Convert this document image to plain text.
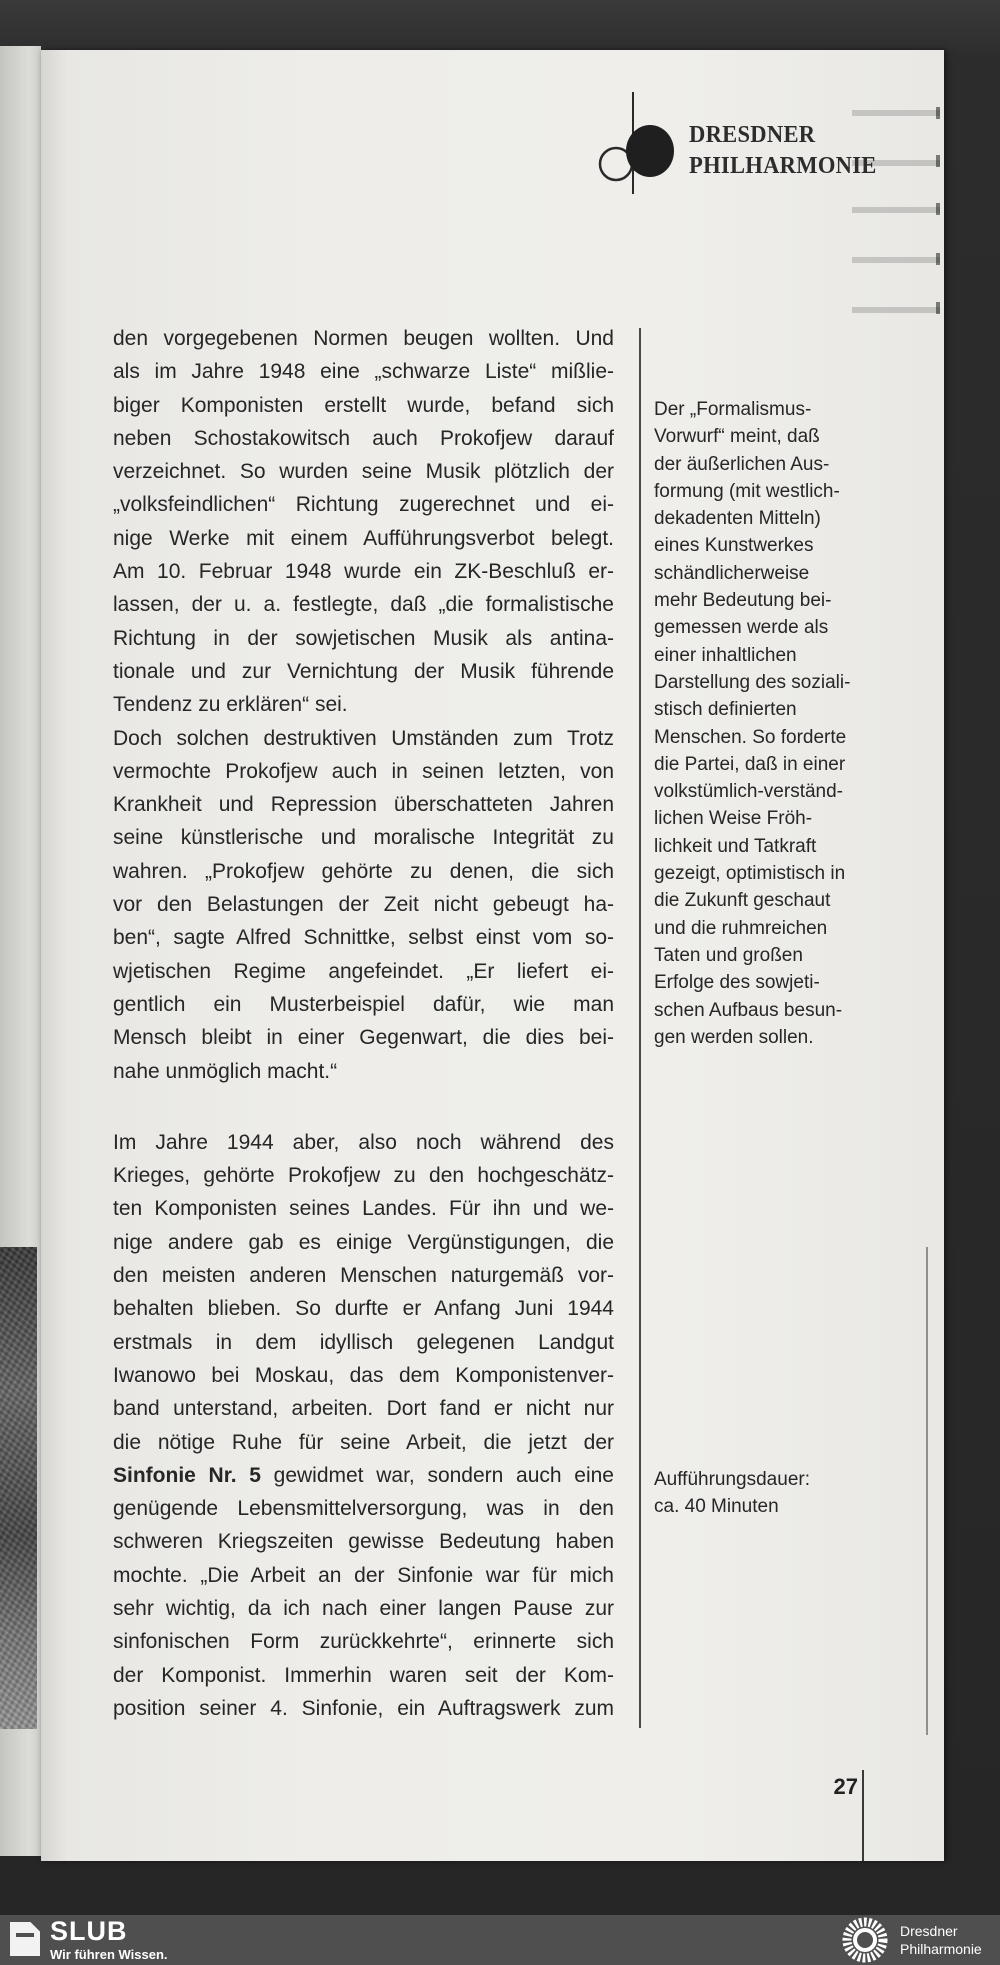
DRESDNER
PHILHARMONIE
den vorgegebenen Normen beugen wollten. Und
als im Jahre 1948 eine „schwarze Liste“ mißlie-
biger Komponisten erstellt wurde, befand sich
neben Schostakowitsch auch Prokofjew darauf
verzeichnet. So wurden seine Musik plötzlich der
„volksfeindlichen“ Richtung zugerechnet und ei-
nige Werke mit einem Aufführungsverbot belegt.
Am 10. Februar 1948 wurde ein ZK-Beschluß er-
lassen, der u. a. festlegte, daß „die formalistische
Richtung in der sowjetischen Musik als antina-
tionale und zur Vernichtung der Musik führende
Tendenz zu erklären“ sei.
Doch solchen destruktiven Umständen zum Trotz
vermochte Prokofjew auch in seinen letzten, von
Krankheit und Repression überschatteten Jahren
seine künstlerische und moralische Integrität zu
wahren. „Prokofjew gehörte zu denen, die sich
vor den Belastungen der Zeit nicht gebeugt ha-
ben“, sagte Alfred Schnittke, selbst einst vom so-
wjetischen Regime angefeindet. „Er liefert ei-
gentlich ein Musterbeispiel dafür, wie man
Mensch bleibt in einer Gegenwart, die dies bei-
nahe unmöglich macht.“
Im Jahre 1944 aber, also noch während des
Krieges, gehörte Prokofjew zu den hochgeschätz-
ten Komponisten seines Landes. Für ihn und we-
nige andere gab es einige Vergünstigungen, die
den meisten anderen Menschen naturgemäß vor-
behalten blieben. So durfte er Anfang Juni 1944
erstmals in dem idyllisch gelegenen Landgut
Iwanowo bei Moskau, das dem Komponistenver-
band unterstand, arbeiten. Dort fand er nicht nur
die nötige Ruhe für seine Arbeit, die jetzt der
Sinfonie Nr. 5 gewidmet war, sondern auch eine
genügende Lebensmittelversorgung, was in den
schweren Kriegszeiten gewisse Bedeutung haben
mochte. „Die Arbeit an der Sinfonie war für mich
sehr wichtig, da ich nach einer langen Pause zur
sinfonischen Form zurückkehrte“, erinnerte sich
der Komponist. Immerhin waren seit der Kom-
position seiner 4. Sinfonie, ein Auftragswerk zum
Der „Formalismus-
Vorwurf“ meint, daß
der äußerlichen Aus-
formung (mit westlich-
dekadenten Mitteln)
eines Kunstwerkes
schändlicherweise
mehr Bedeutung bei-
gemessen werde als
einer inhaltlichen
Darstellung des soziali-
stisch definierten
Menschen. So forderte
die Partei, daß in einer
volkstümlich-verständ-
lichen Weise Fröh-
lichkeit und Tatkraft
gezeigt, optimistisch in
die Zukunft geschaut
und die ruhmreichen
Taten und großen
Erfolge des sowjeti-
schen Aufbaus besun-
gen werden sollen.
Aufführungsdauer:
ca. 40 Minuten
27
SLUB
Wir führen Wissen.
Dresdner
Philharmonie
